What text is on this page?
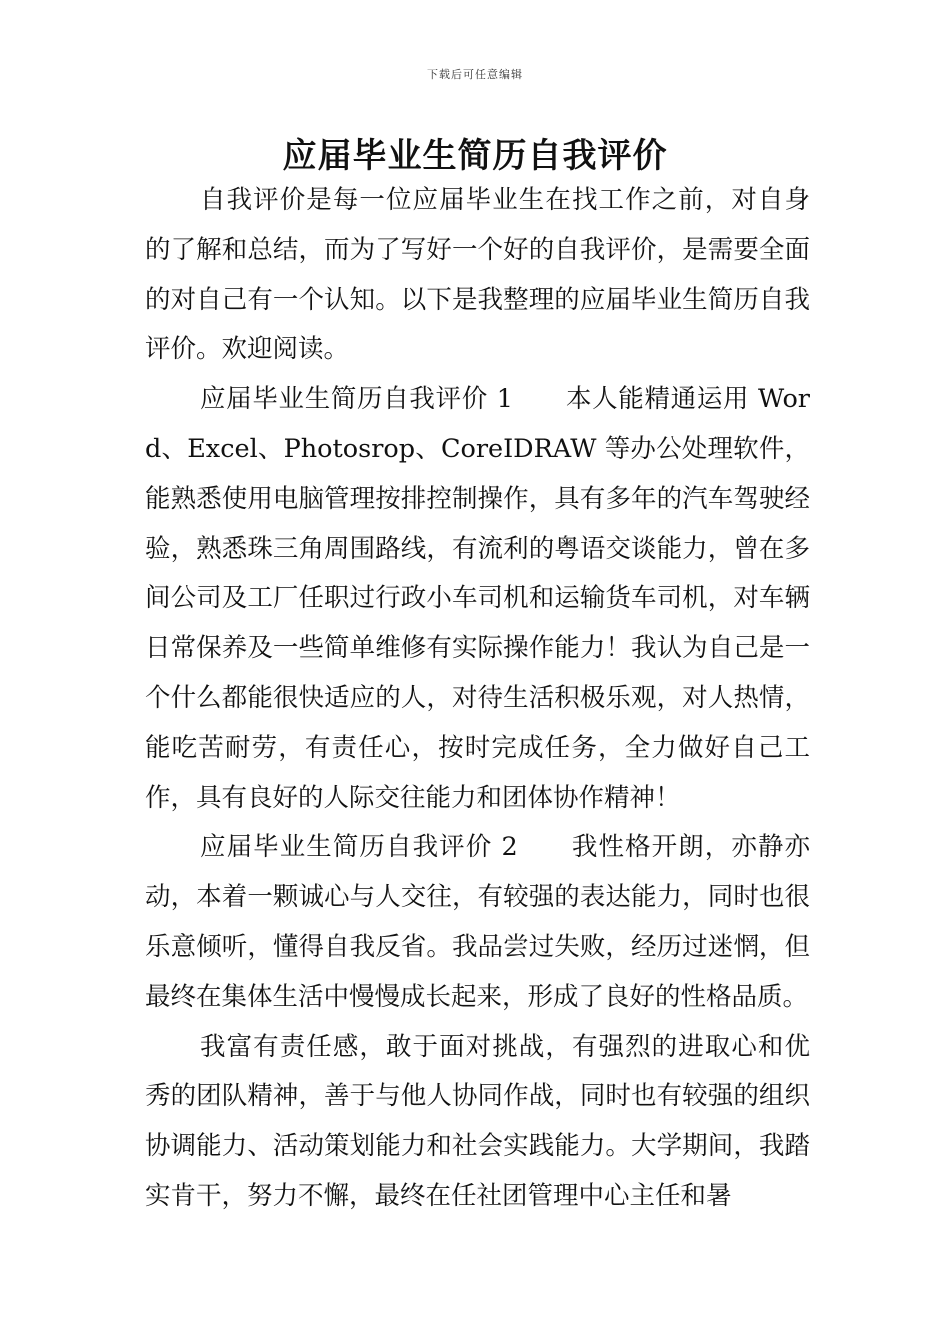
下载后可任意编辑
应届毕业生简历自我评价

自我评价是每一位应届毕业生在找工作之前，对自身的了解和总结，而为了写好一个好的自我评价，是需要全面的对自己有一个认知。以下是我整理的应届毕业生简历自我评价。欢迎阅读。

应届毕业生简历自我评价 1　　本人能精通运用 Word、Excel、Photosrop、CoreIDRAW 等办公处理软件，能熟悉使用电脑管理按排控制操作，具有多年的汽车驾驶经验，熟悉珠三角周围路线，有流利的粤语交谈能力，曾在多间公司及工厂任职过行政小车司机和运输货车司机，对车辆日常保养及一些简单维修有实际操作能力！我认为自己是一个什么都能很快适应的人，对待生活积极乐观，对人热情，能吃苦耐劳，有责任心，按时完成任务，全力做好自己工作，具有良好的人际交往能力和团体协作精神！

应届毕业生简历自我评价 2　　我性格开朗，亦静亦动，本着一颗诚心与人交往，有较强的表达能力，同时也很乐意倾听，懂得自我反省。我品尝过失败，经历过迷惘，但最终在集体生活中慢慢成长起来，形成了良好的性格品质。

我富有责任感，敢于面对挑战，有强烈的进取心和优秀的团队精神，善于与他人协同作战，同时也有较强的组织协调能力、活动策划能力和社会实践能力。大学期间，我踏实肯干，努力不懈，最终在任社团管理中心主任和暑
